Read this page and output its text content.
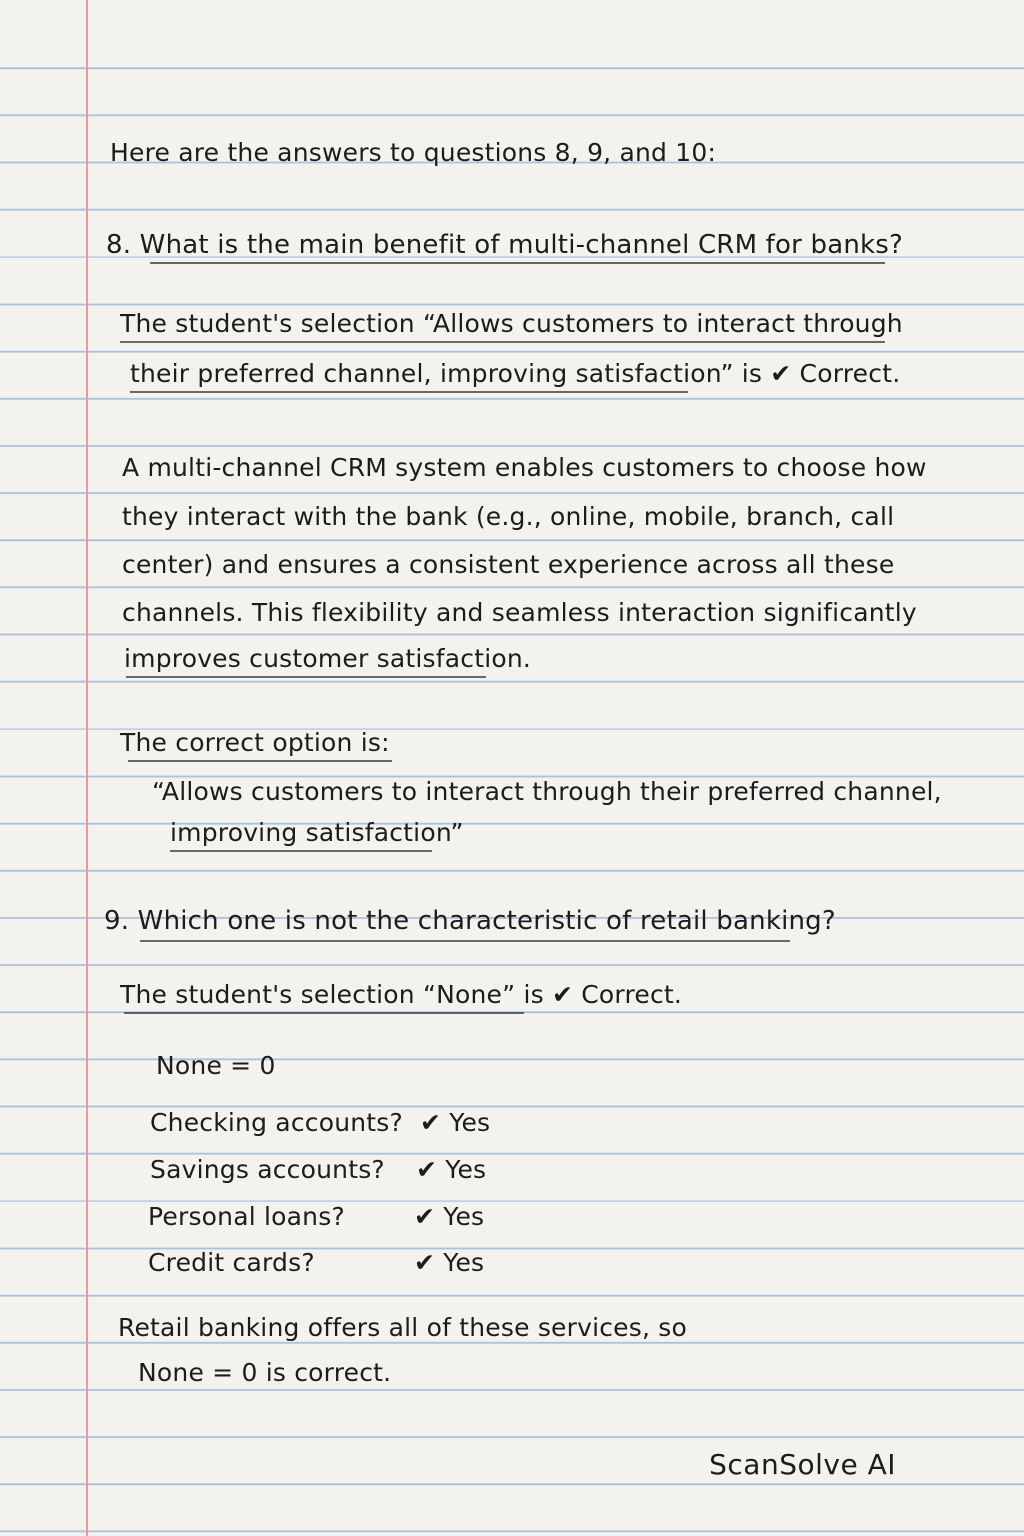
Here are the answers to questions 8, 9, and 10:
8. What is the main benefit of multi-channel CRM for banks?
The student's selection “Allows customers to interact through
their preferred channel, improving satisfaction” is ✔ Correct.
A multi-channel CRM system enables customers to choose how
they interact with the bank (e.g., online, mobile, branch, call
center) and ensures a consistent experience across all these
channels. This flexibility and seamless interaction significantly
improves customer satisfaction.
The correct option is:
“Allows customers to interact through their preferred channel,
improving satisfaction”
9. Which one is not the characteristic of retail banking?
The student's selection “None” is ✔ Correct.
None = 0
Checking accounts? ✔ Yes
Savings accounts? ✔ Yes
Personal loans?	✔ Yes
Credit cards?	✔ Yes
Retail banking offers all of these services, so
None = 0 is correct.
ScanSolve AI
